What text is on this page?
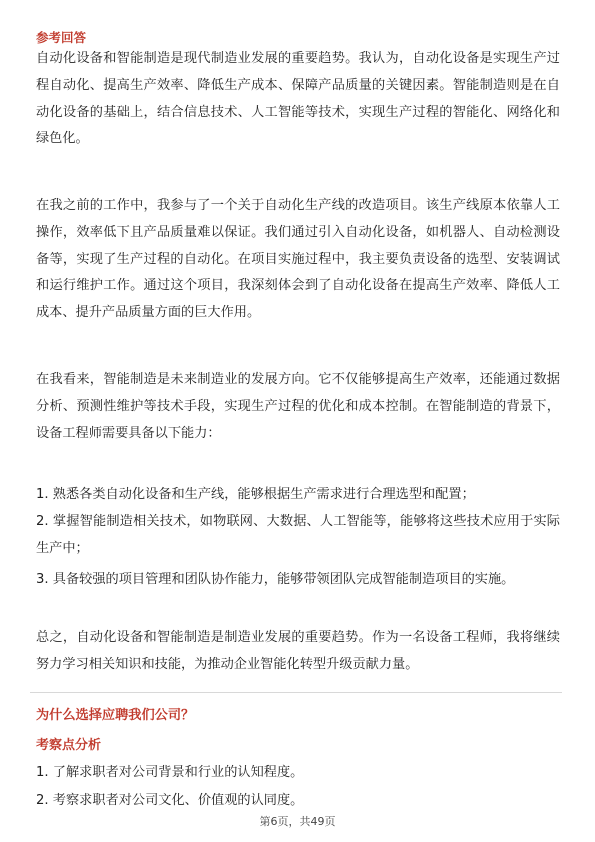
参考回答

自动化设备和智能制造是现代制造业发展的重要趋势。我认为，自动化设备是实现生产过程自动化、提高生产效率、降低生产成本、保障产品质量的关键因素。智能制造则是在自动化设备的基础上，结合信息技术、人工智能等技术，实现生产过程的智能化、网络化和绿色化。

在我之前的工作中，我参与了一个关于自动化生产线的改造项目。该生产线原本依靠人工操作，效率低下且产品质量难以保证。我们通过引入自动化设备，如机器人、自动检测设备等，实现了生产过程的自动化。在项目实施过程中，我主要负责设备的选型、安装调试和运行维护工作。通过这个项目，我深刻体会到了自动化设备在提高生产效率、降低人工成本、提升产品质量方面的巨大作用。

在我看来，智能制造是未来制造业的发展方向。它不仅能够提高生产效率，还能通过数据分析、预测性维护等技术手段，实现生产过程的优化和成本控制。在智能制造的背景下，设备工程师需要具备以下能力：

1. 熟悉各类自动化设备和生产线，能够根据生产需求进行合理选型和配置；

2. 掌握智能制造相关技术，如物联网、大数据、人工智能等，能够将这些技术应用于实际生产中；

3. 具备较强的项目管理和团队协作能力，能够带领团队完成智能制造项目的实施。

总之，自动化设备和智能制造是制造业发展的重要趋势。作为一名设备工程师，我将继续努力学习相关知识和技能，为推动企业智能化转型升级贡献力量。

为什么选择应聘我们公司？
考察点分析
1. 了解求职者对公司背景和行业的认知程度。
2. 考察求职者对公司文化、价值观的认同度。
第6页，共49页
